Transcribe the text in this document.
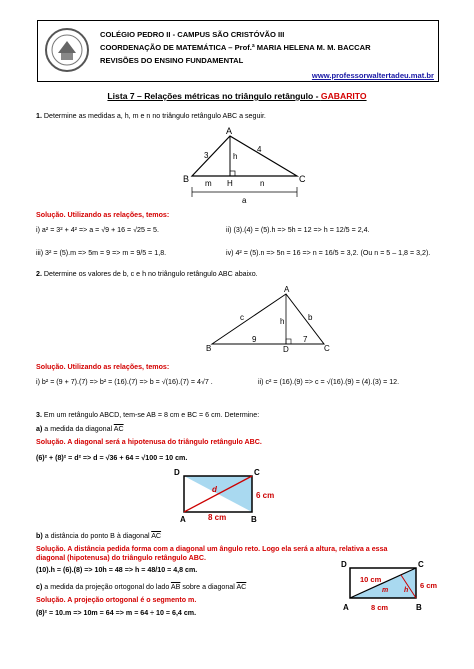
COLÉGIO PEDRO II - CAMPUS SÃO CRISTÓVÃO III
COORDENAÇÃO DE MATEMÁTICA – Prof.ª MARIA HELENA M. M. BACCAR
REVISÕES DO ENSINO FUNDAMENTAL
www.professorwaltertadeu.mat.br
Lista 7 – Relações métricas no triângulo retângulo - GABARITO
1. Determine as medidas a, h, m e n no triângulo retângulo ABC a seguir.
A
B	C
H
3
4
h
m	n
a
Solução. Utilizando as relações, temos:
i) a² = 3² + 4² => a = √9 + 16 = √25 = 5.	ii) (3).(4) = (5).h => 5h = 12 => h = 12/5 = 2,4.
iii) 3² = (5).m => 5m = 9 => m = 9/5 = 1,8.	iv) 4² = (5).n => 5n = 16 => n = 16/5 = 3,2. (Ou n = 5 – 1,8 = 3,2).
2. Determine os valores de b, c e h no triângulo retângulo ABC abaixo.
A
B	C
D
c	b
h
9	7
Solução. Utilizando as relações, temos:
i) b² = (9 + 7).(7) => b² = (16).(7) => b = √(16).(7) = 4√7 .	ii) c² = (16).(9) => c = √(16).(9) = (4).(3) = 12.
3. Em um retângulo ABCD, tem-se AB = 8 cm e BC = 6 cm. Determine:
a) a medida da diagonal $\overline{AC}$
Solução. A diagonal será a hipotenusa do triângulo retângulo ABC.
(6)² + (8)² = d² => d = √36 + 64 = √100 = 10 cm.
D	C
A	B
d
6 cm
8 cm
b) a distância do ponto B à diagonal $\overline{AC}$
Solução. A distância pedida forma com a diagonal um ângulo reto. Logo ela será a altura, relativa a essa
diagonal (hipotenusa) do triângulo retângulo ABC.
(10).h = (6).(8) => 10h = 48 => h = 48/10 = 4,8 cm.
c) a medida da projeção ortogonal do lado $\overline{AB}$ sobre a diagonal $\overline{AC}$
Solução. A projeção ortogonal é o segmento m.
(8)² = 10.m => 10m = 64 => m = 64 ÷ 10 = 6,4 cm.
D	C
A	B
10 cm
6 cm
8 cm
m h
